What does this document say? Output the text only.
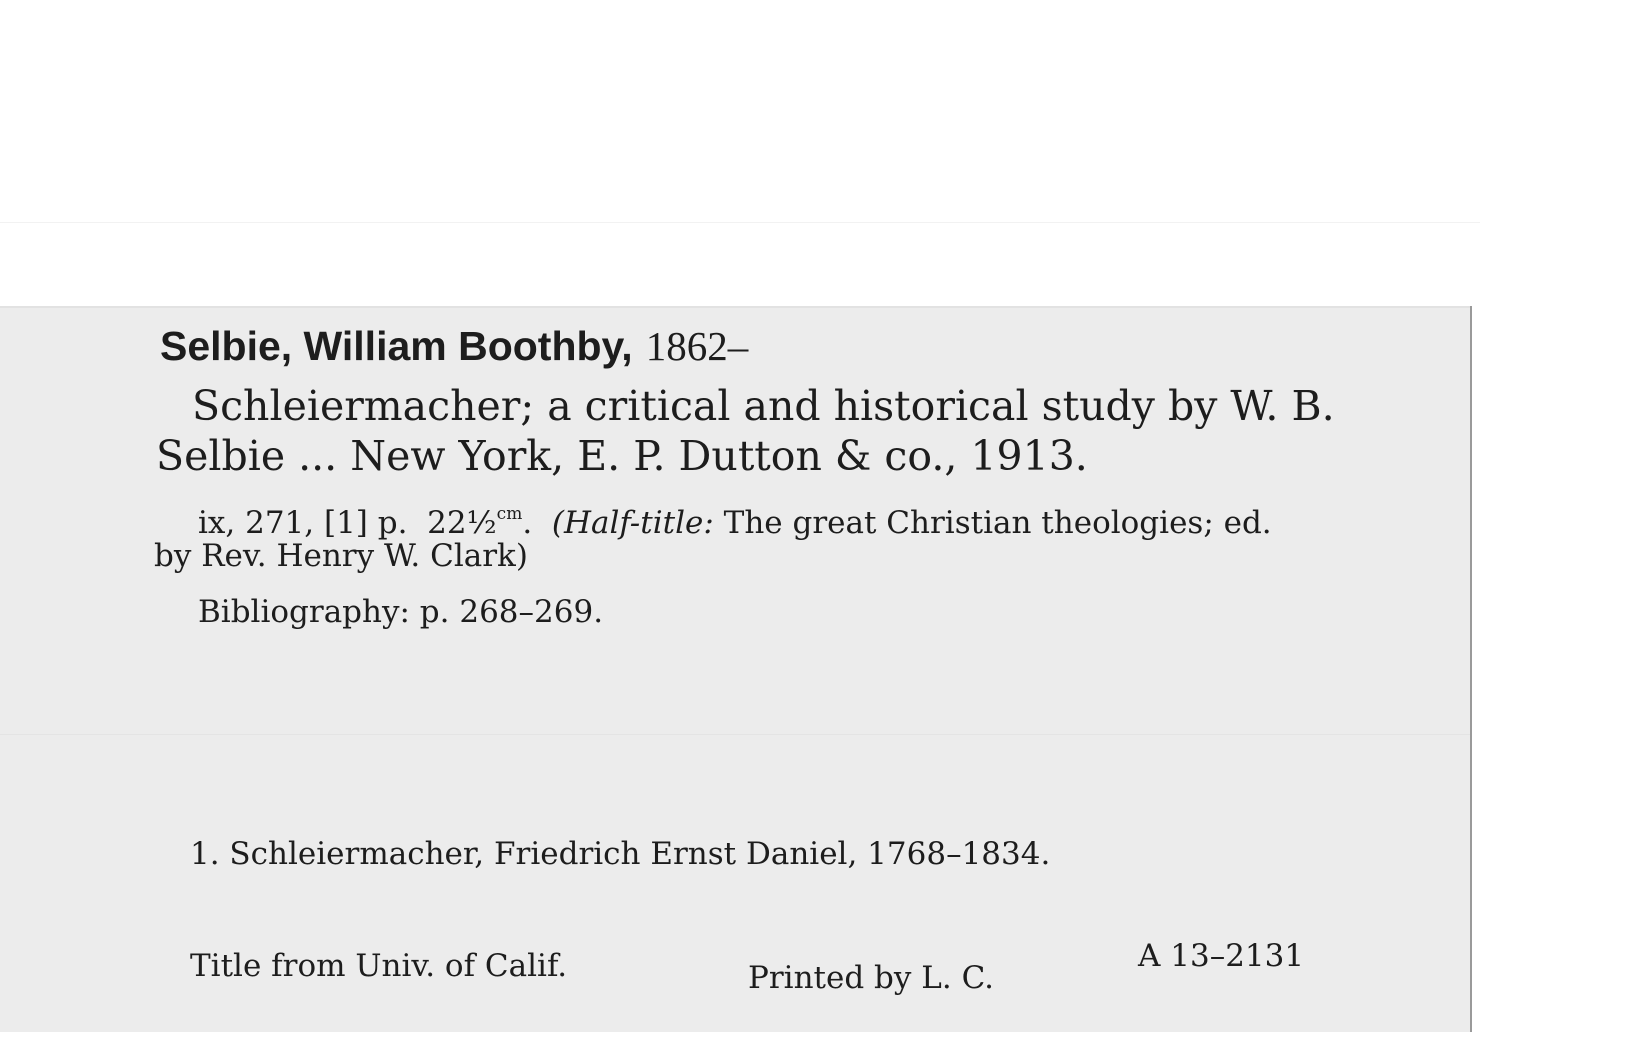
Selbie, William Boothby, 1862–
Schleiermacher; a critical and historical study by W. B.
Selbie ... New York, E. P. Dutton & co., 1913.
ix, 271, [1] p. 22½$^{cm}$.  (Half-title: The great Christian theologies; ed.
by Rev. Henry W. Clark)
Bibliography: p. 268–269.
1. Schleiermacher, Friedrich Ernst Daniel, 1768–1834.
Title from Univ. of Calif.	Printed by L. C.
A 13–2131
